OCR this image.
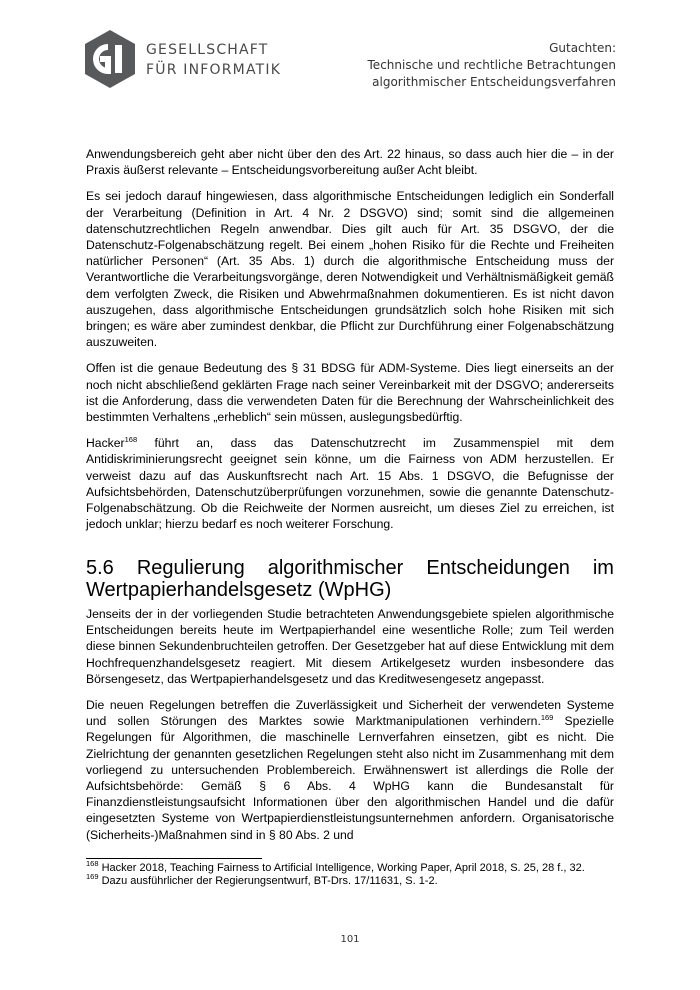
GESELLSCHAFT
FÜR INFORMATIK
Gutachten:
Technische und rechtliche Betrachtungen
algorithmischer Entscheidungsverfahren

Anwendungsbereich geht aber nicht über den des Art. 22 hinaus, so dass auch hier die – in der Praxis äußerst relevante – Entscheidungsvorbereitung außer Acht bleibt.

Es sei jedoch darauf hingewiesen, dass algorithmische Entscheidungen lediglich ein Sonderfall der Verarbeitung (Definition in Art. 4 Nr. 2 DSGVO) sind; somit sind die allgemeinen datenschutzrechtlichen Regeln anwendbar. Dies gilt auch für Art. 35 DSGVO, der die Datenschutz-Folgenabschätzung regelt. Bei einem „hohen Risiko für die Rechte und Freiheiten natürlicher Personen“ (Art. 35 Abs. 1) durch die algorithmische Entscheidung muss der Verantwortliche die Verarbeitungsvorgänge, deren Notwendigkeit und Verhältnismäßigkeit gemäß dem verfolgten Zweck, die Risiken und Abwehrmaßnahmen dokumentieren. Es ist nicht davon auszugehen, dass algorithmische Entscheidungen grundsätzlich solch hohe Risiken mit sich bringen; es wäre aber zumindest denkbar, die Pflicht zur Durchführung einer Folgenabschätzung auszuweiten.

Offen ist die genaue Bedeutung des § 31 BDSG für ADM-Systeme. Dies liegt einerseits an der noch nicht abschließend geklärten Frage nach seiner Vereinbarkeit mit der DSGVO; andererseits ist die Anforderung, dass die verwendeten Daten für die Berechnung der Wahrscheinlichkeit des bestimmten Verhaltens „erheblich“ sein müssen, auslegungsbedürftig.

Hacker$^{168}$ führt an, dass das Datenschutzrecht im Zusammenspiel mit dem Antidiskriminierungsrecht geeignet sein könne, um die Fairness von ADM herzustellen. Er verweist dazu auf das Auskunftsrecht nach Art. 15 Abs. 1 DSGVO, die Befugnisse der Aufsichtsbehörden, Datenschutzüberprüfungen vorzunehmen, sowie die genannte Datenschutz-Folgenabschätzung. Ob die Reichweite der Normen ausreicht, um dieses Ziel zu erreichen, ist jedoch unklar; hierzu bedarf es noch weiterer Forschung.

5.6 Regulierung algorithmischer Entscheidungen im
Wertpapierhandelsgesetz (WpHG)

Jenseits der in der vorliegenden Studie betrachteten Anwendungsgebiete spielen algorithmische Entscheidungen bereits heute im Wertpapierhandel eine wesentliche Rolle; zum Teil werden diese binnen Sekundenbruchteilen getroffen. Der Gesetzgeber hat auf diese Entwicklung mit dem Hochfrequenzhandelsgesetz reagiert. Mit diesem Artikelgesetz wurden insbesondere das Börsengesetz, das Wertpapierhandelsgesetz und das Kreditwesengesetz angepasst.

Die neuen Regelungen betreffen die Zuverlässigkeit und Sicherheit der verwendeten Systeme und sollen Störungen des Marktes sowie Marktmanipulationen verhindern.$^{169}$ Spezielle Regelungen für Algorithmen, die maschinelle Lernverfahren einsetzen, gibt es nicht. Die Zielrichtung der genannten gesetzlichen Regelungen steht also nicht im Zusammenhang mit dem vorliegend zu untersuchenden Problembereich. Erwähnenswert ist allerdings die Rolle der Aufsichtsbehörde: Gemäß § 6 Abs. 4 WpHG kann die Bundesanstalt für Finanzdienstleistungsaufsicht Informationen über den algorithmischen Handel und die dafür eingesetzten Systeme von Wertpapierdienstleistungsunternehmen anfordern. Organisatorische (Sicherheits-)Maßnahmen sind in § 80 Abs. 2 und

$^{168}$ Hacker 2018, Teaching Fairness to Artificial Intelligence, Working Paper, April 2018, S. 25, 28 f., 32.
$^{169}$ Dazu ausführlicher der Regierungsentwurf, BT-Drs. 17/11631, S. 1-2.
101
